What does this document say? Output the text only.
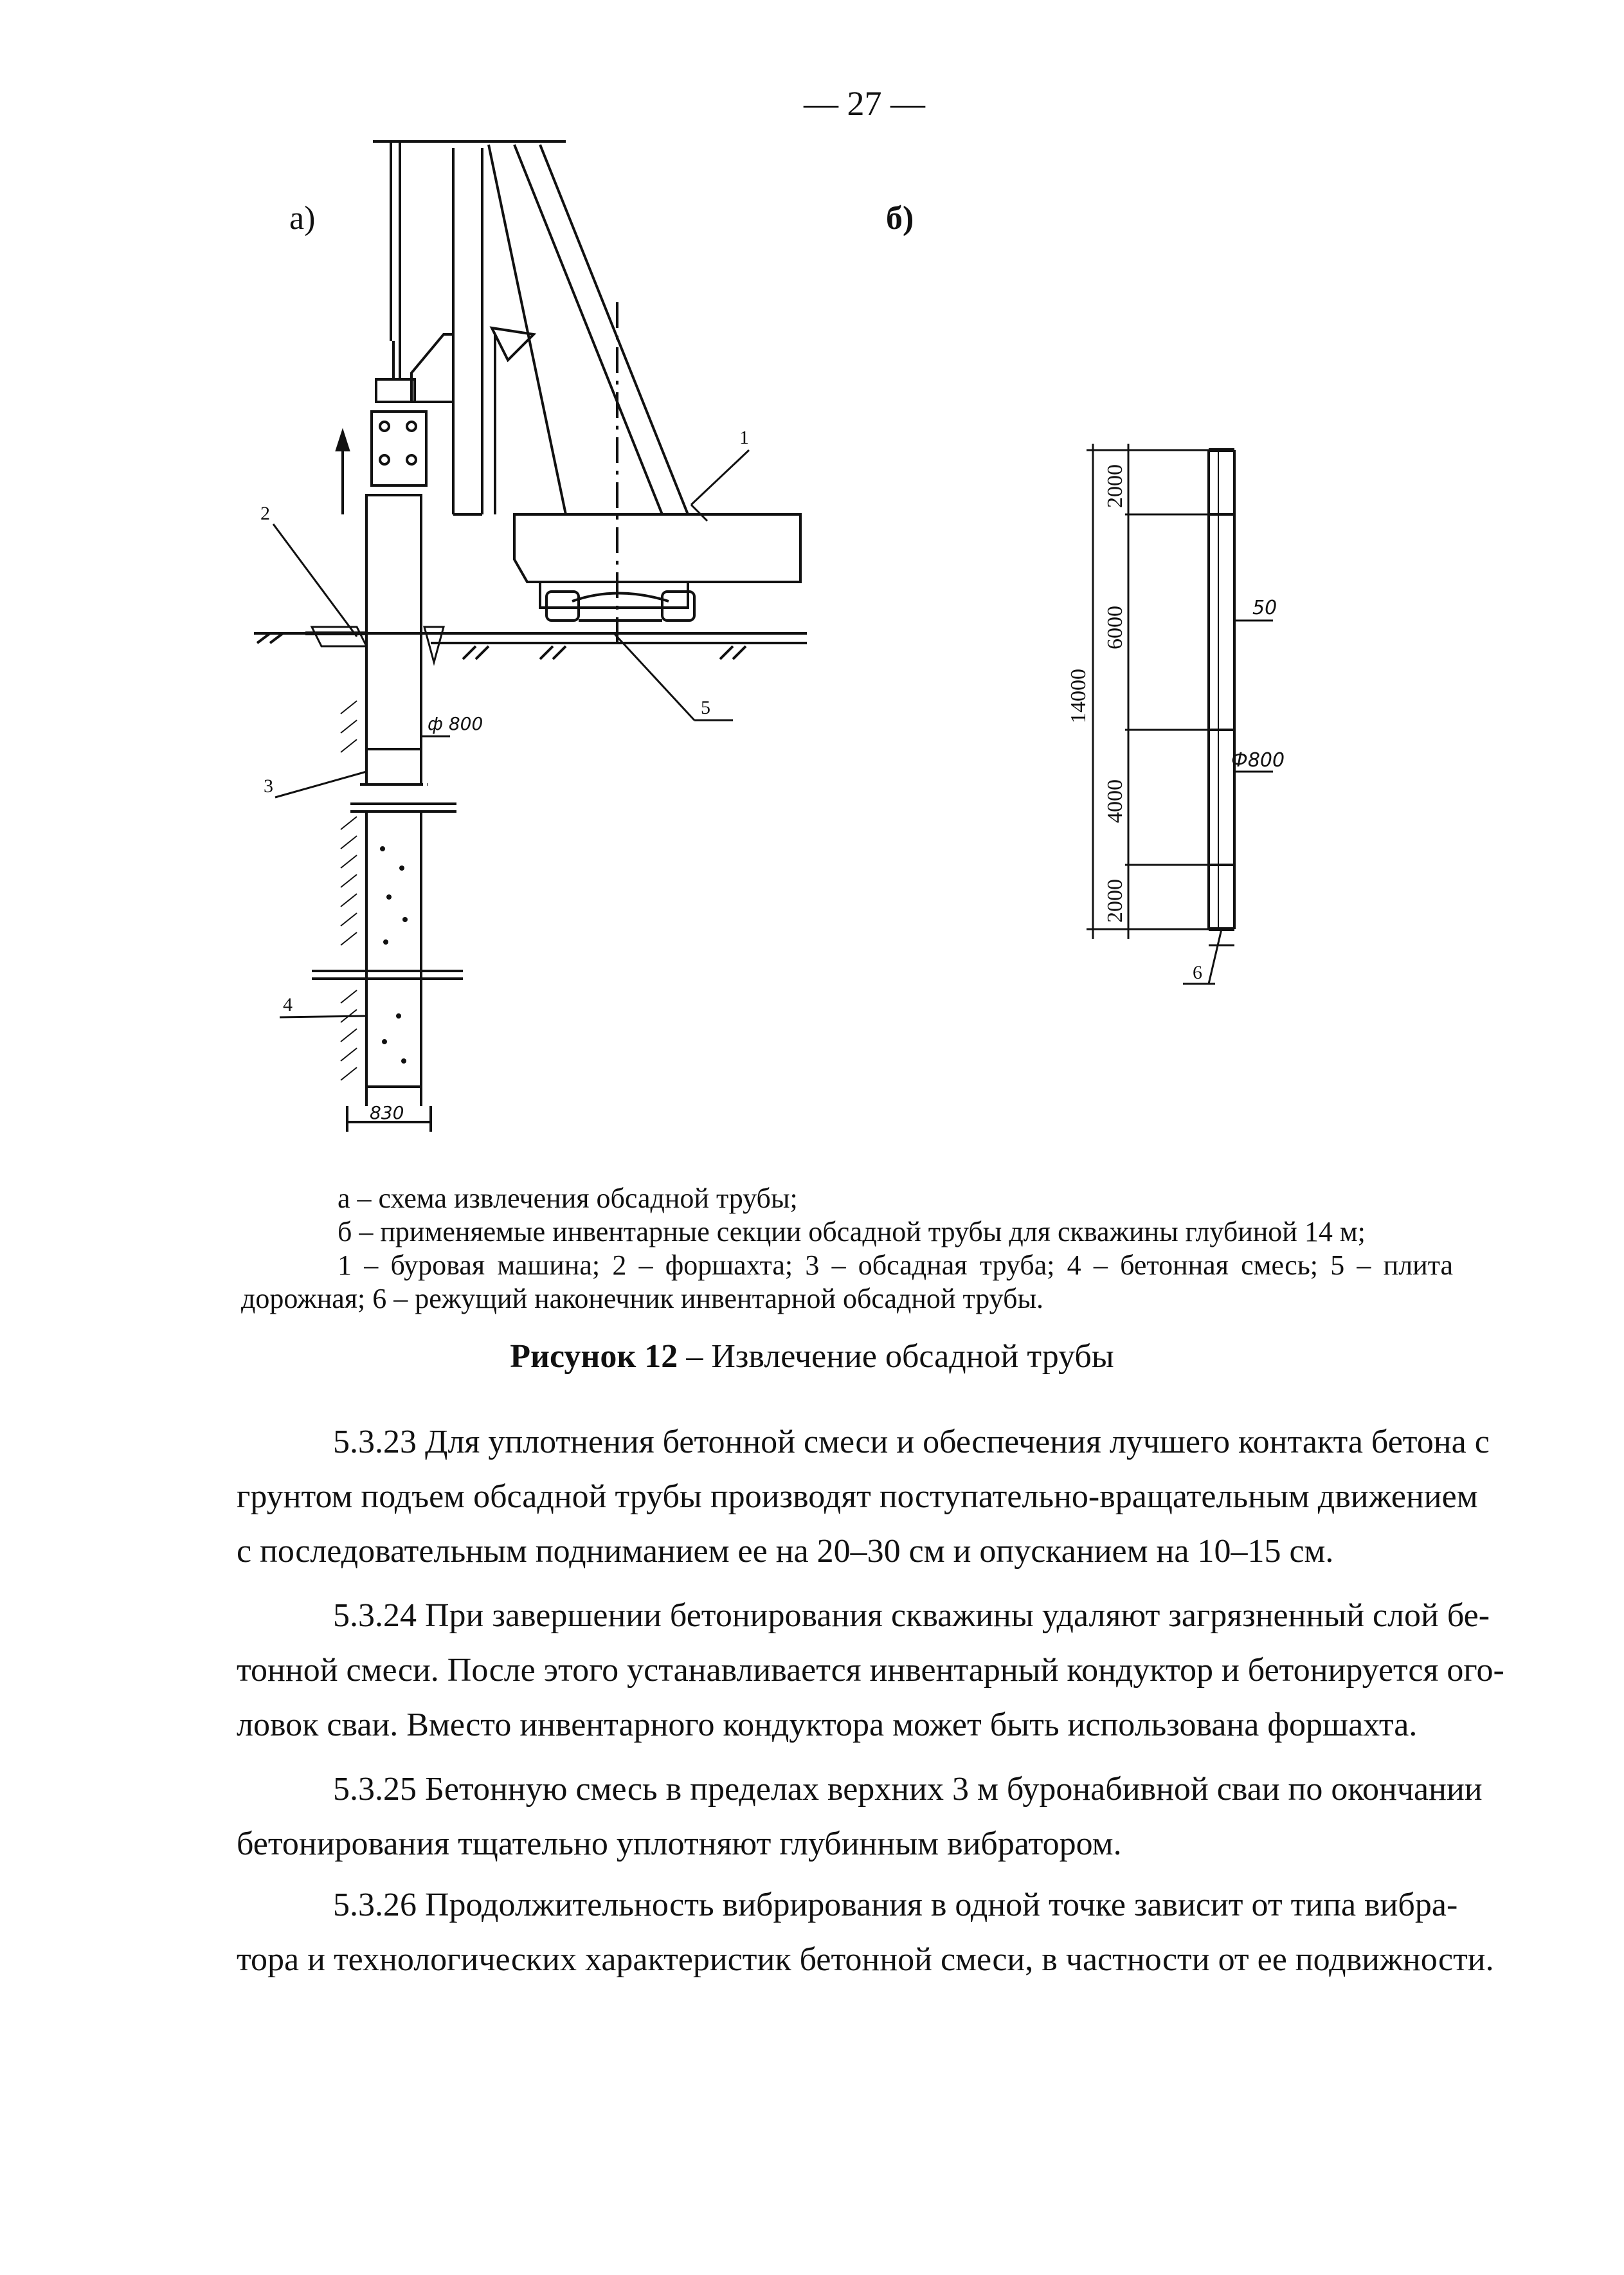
— 27 —
а)	б)
1
2
3
4
5
ф 800
830
14000
2000
6000
4000
2000
50
Ф800
6
а – схема извлечения обсадной трубы;
б – применяемые инвентарные секции обсадной трубы для скважины глубиной 14 м;
1 – буровая машина; 2 – форшахта; 3 – обсадная труба; 4 – бетонная смесь; 5 – плита
дорожная; 6 – режущий наконечник инвентарной обсадной трубы.
Рисунок 12 – Извлечение обсадной трубы
5.3.23 Для уплотнения бетонной смеси и обеспечения лучшего контакта бетона с
грунтом подъем обсадной трубы производят поступательно-вращательным движением
с последовательным подниманием ее на 20–30 см и опусканием на 10–15 см.
5.3.24 При завершении бетонирования скважины удаляют загрязненный слой бе-
тонной смеси. После этого устанавливается инвентарный кондуктор и бетонируется ого-
ловок сваи. Вместо инвентарного кондуктора может быть использована форшахта.
5.3.25 Бетонную смесь в пределах верхних 3 м буронабивной сваи по окончании
бетонирования тщательно уплотняют глубинным вибратором.
5.3.26 Продолжительность вибрирования в одной точке зависит от типа вибра-
тора и технологических характеристик бетонной смеси, в частности от ее подвижности.
